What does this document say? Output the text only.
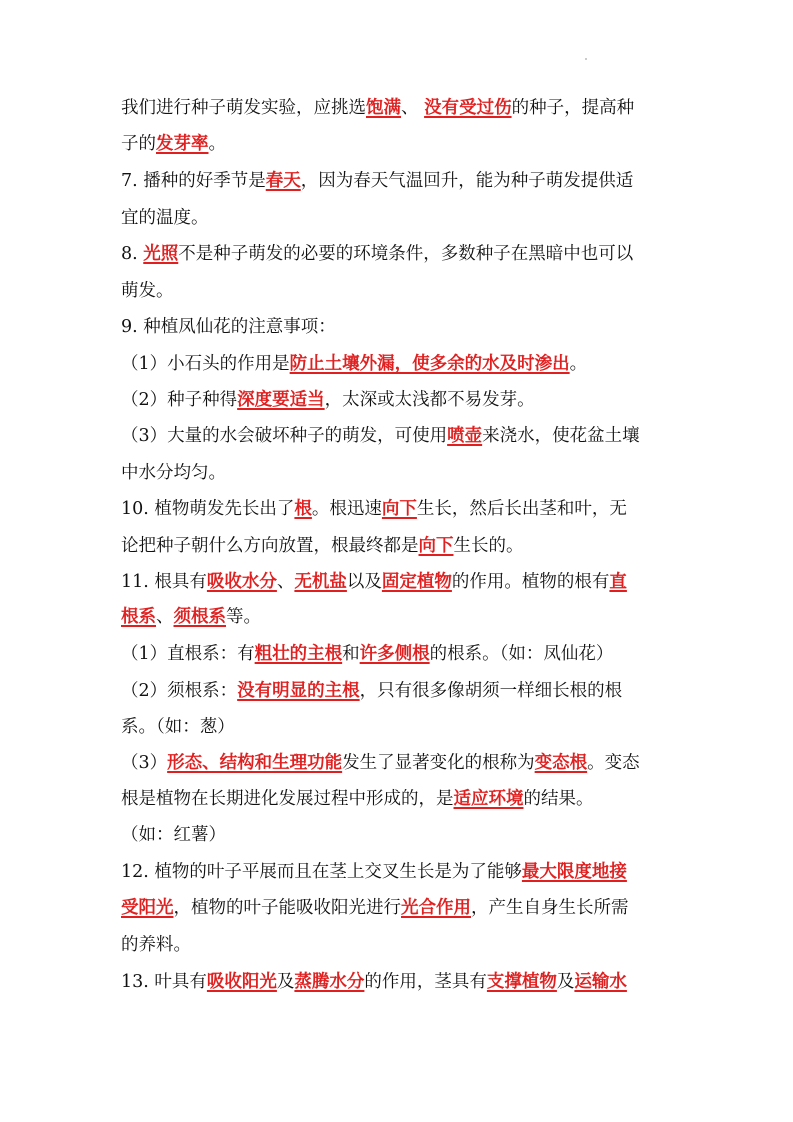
我们进行种子萌发实验，应挑选饱满、 没有受过伤的种子，提高种
子的发芽率。
7. 播种的好季节是春天，因为春天气温回升，能为种子萌发提供适
宜的温度。
8. 光照不是种子萌发的必要的环境条件，多数种子在黑暗中也可以
萌发。
9. 种植凤仙花的注意事项：
（1）小石头的作用是防止土壤外漏，使多余的水及时渗出。
（2）种子种得深度要适当，太深或太浅都不易发芽。
（3）大量的水会破坏种子的萌发，可使用喷壶来浇水，使花盆土壤
中水分均匀。
10. 植物萌发先长出了根。根迅速向下生长，然后长出茎和叶，无
论把种子朝什么方向放置，根最终都是向下生长的。
11. 根具有吸收水分、无机盐以及固定植物的作用。植物的根有直
根系、须根系等。
（1）直根系：有粗壮的主根和许多侧根的根系。（如：凤仙花）
（2）须根系：没有明显的主根，只有很多像胡须一样细长根的根
系。（如：葱）
（3）形态、结构和生理功能发生了显著变化的根称为变态根。变态
根是植物在长期进化发展过程中形成的，是适应环境的结果。
（如：红薯）
12. 植物的叶子平展而且在茎上交叉生长是为了能够最大限度地接
受阳光，植物的叶子能吸收阳光进行光合作用，产生自身生长所需
的养料。
13. 叶具有吸收阳光及蒸腾水分的作用，茎具有支撑植物及运输水
